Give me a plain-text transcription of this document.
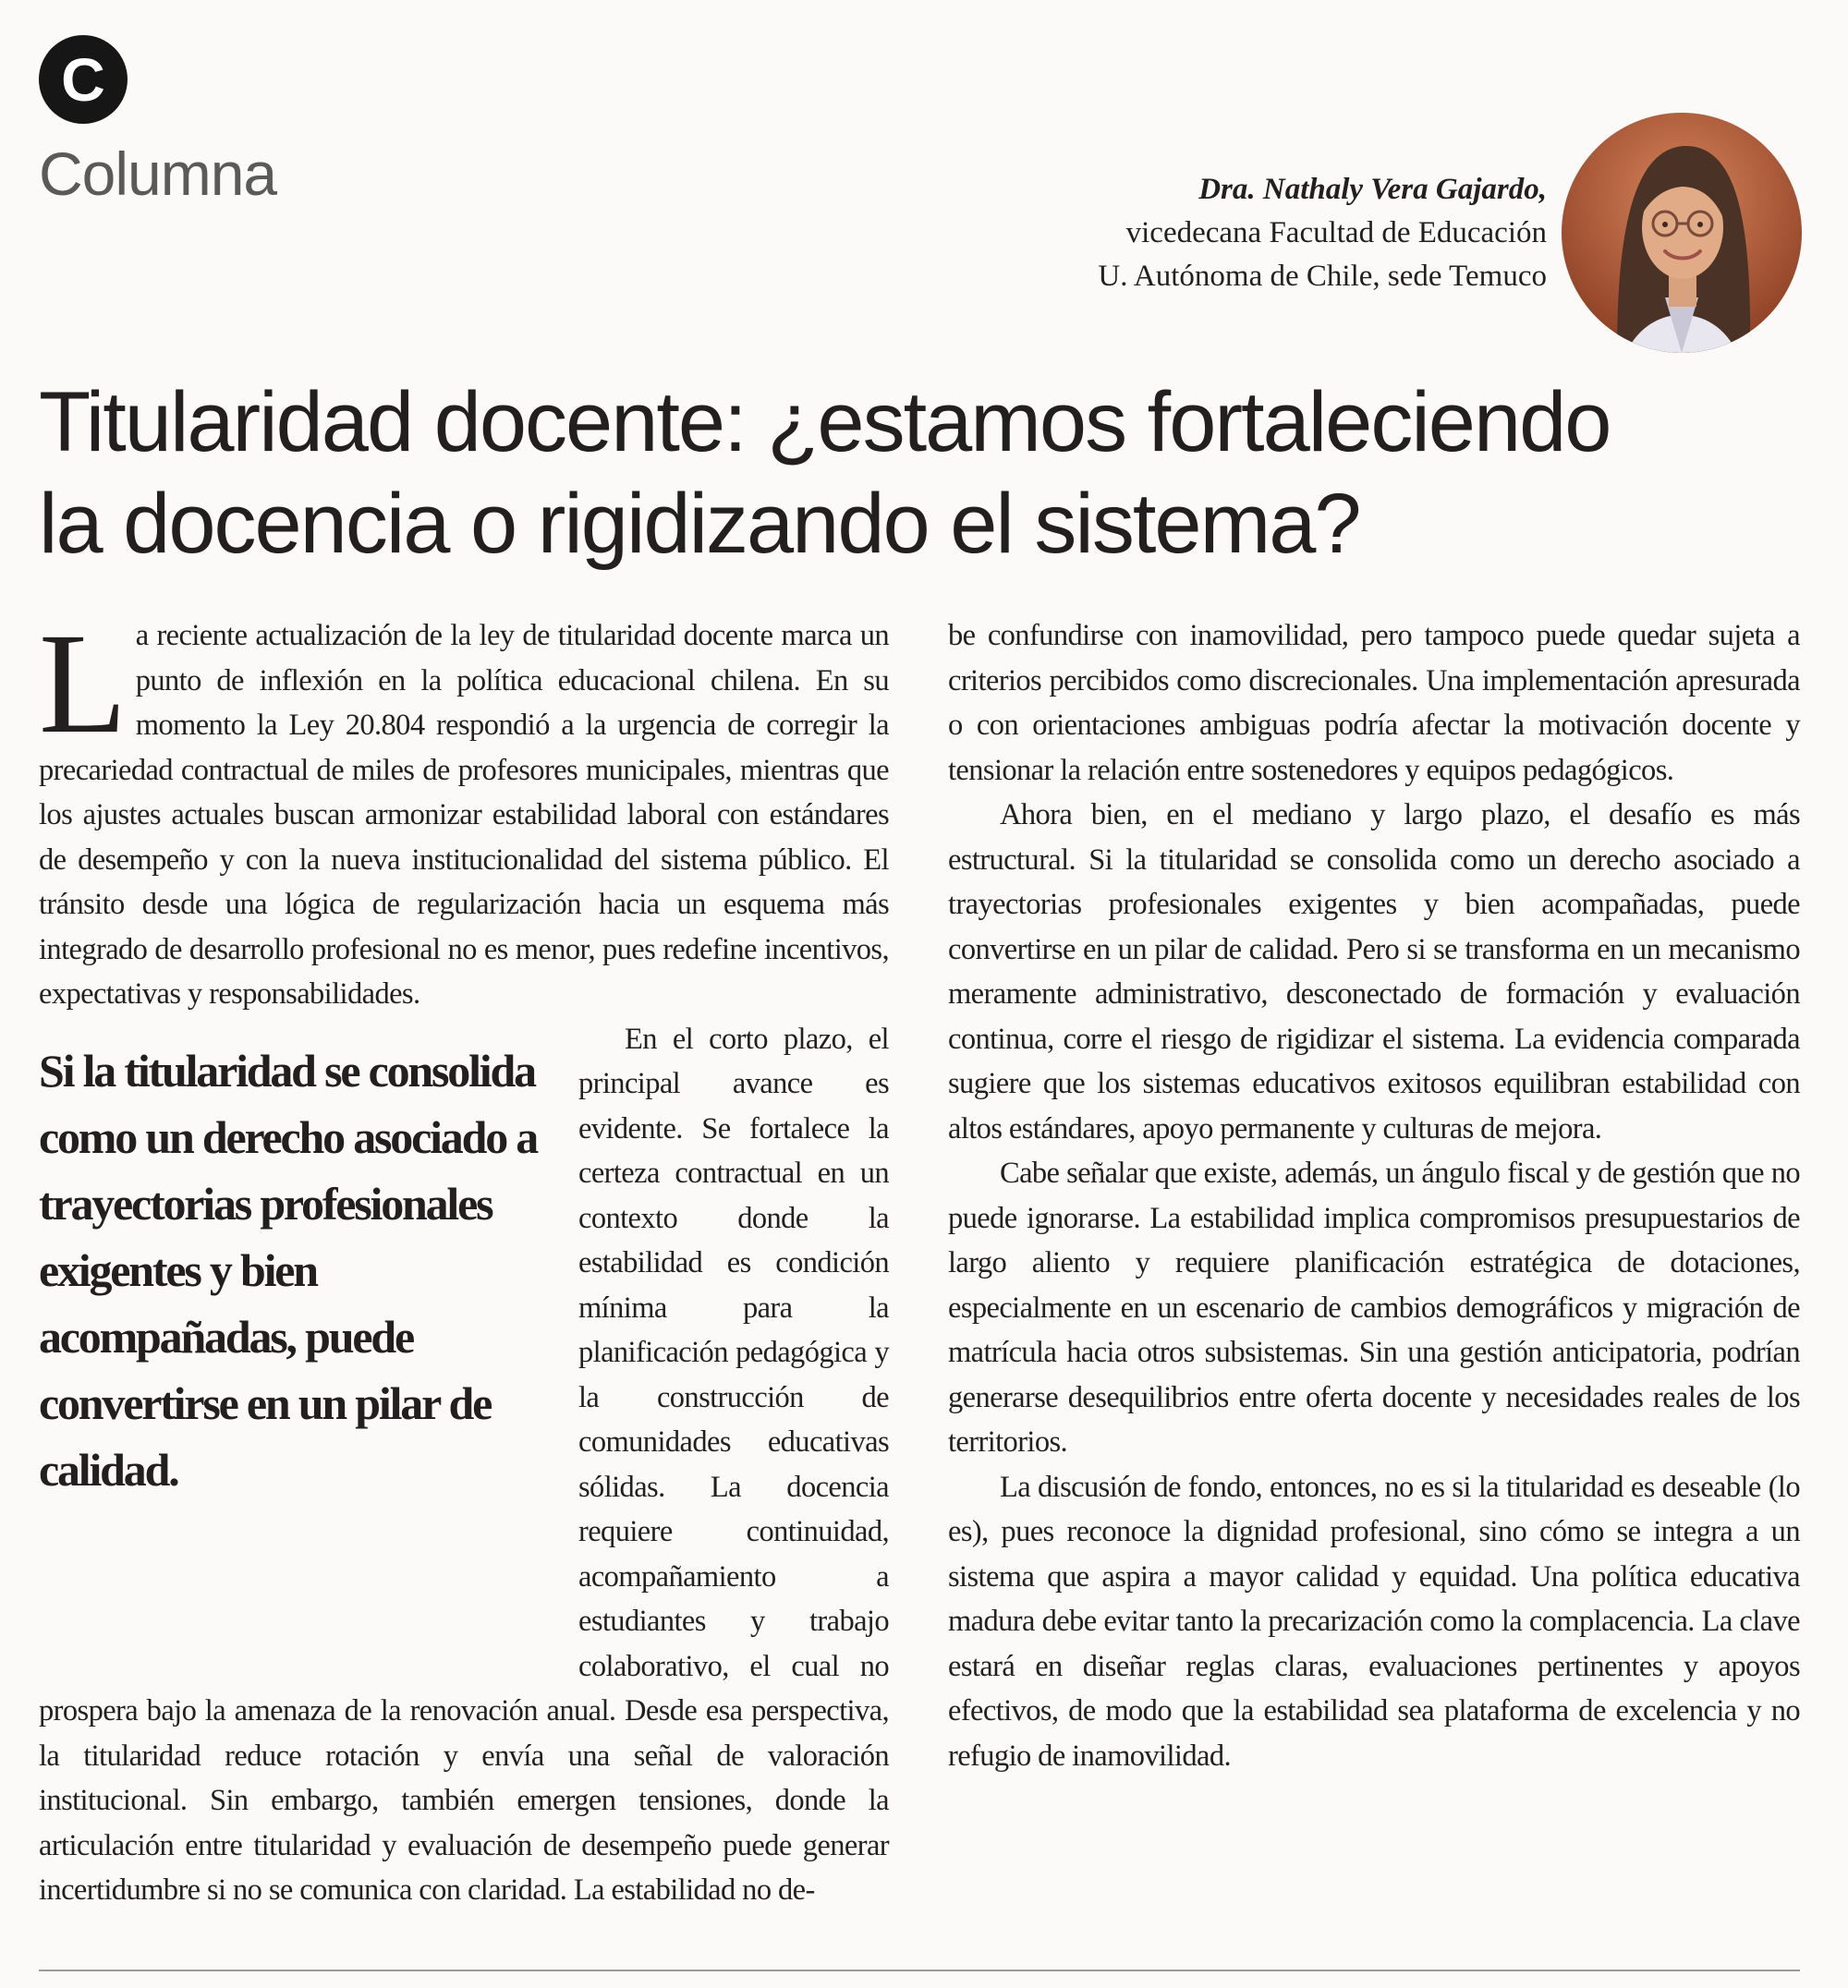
C
Columna	Dra. Nathaly Vera Gajardo,
vicedecana Facultad de Educación
U. Autónoma de Chile, sede Temuco
Titularidad docente: ¿estamos fortaleciendo
la docencia o rigidizando el sistema?

L a reciente actualización de la ley de titularidad docente marca un punto de inflexión en la política educacional chilena. En su momento la Ley 20.804 respondió a la urgencia de corregir la precariedad contractual de miles de profesores municipales, mientras que los ajustes actuales buscan armonizar estabilidad laboral con estándares de desempeño y con la nueva institucionalidad del sistema público. El tránsito desde una lógica de regularización hacia un esquema más integrado de desarrollo profesional no es menor, pues redefine incentivos, expectativas y responsabilidades.

Si la titularidad se consolida como un derecho asociado a trayectorias profesionales exigentes y bien acompañadas, puede convertirse en un pilar de calidad.
En el corto plazo, el principal avance es evidente. Se fortalece la certeza contractual en un contexto donde la estabilidad es condición mínima para la planificación pedagógica y la construcción de comunidades educativas sólidas. La docencia requiere continuidad, acompañamiento a estudiantes y trabajo colaborativo, el cual no prospera bajo la amenaza de la renovación anual. Desde esa perspectiva, la titularidad reduce rotación y envía una señal de valoración institucional. Sin embargo, también emergen tensiones, donde la articulación entre titularidad y evaluación de desempeño puede generar incertidumbre si no se comunica con claridad. La estabilidad no de-

be confundirse con inamovilidad, pero tampoco puede quedar sujeta a criterios percibidos como discrecionales. Una implementación apresurada o con orientaciones ambiguas podría afectar la motivación docente y tensionar la relación entre sostenedores y equipos pedagógicos.

Ahora bien, en el mediano y largo plazo, el desafío es más estructural. Si la titularidad se consolida como un derecho asociado a trayectorias profesionales exigentes y bien acompañadas, puede convertirse en un pilar de calidad. Pero si se transforma en un mecanismo meramente administrativo, desconectado de formación y evaluación continua, corre el riesgo de rigidizar el sistema. La evidencia comparada sugiere que los sistemas educativos exitosos equilibran estabilidad con altos estándares, apoyo permanente y culturas de mejora.

Cabe señalar que existe, además, un ángulo fiscal y de gestión que no puede ignorarse. La estabilidad implica compromisos presupuestarios de largo aliento y requiere planificación estratégica de dotaciones, especialmente en un escenario de cambios demográficos y migración de matrícula hacia otros subsistemas. Sin una gestión anticipatoria, podrían generarse desequilibrios entre oferta docente y necesidades reales de los territorios.

La discusión de fondo, entonces, no es si la titularidad es deseable (lo es), pues reconoce la dignidad profesional, sino cómo se integra a un sistema que aspira a mayor calidad y equidad. Una política educativa madura debe evitar tanto la precarización como la complacencia. La clave estará en diseñar reglas claras, evaluaciones pertinentes y apoyos efectivos, de modo que la estabilidad sea plataforma de excelencia y no refugio de inamovilidad.
